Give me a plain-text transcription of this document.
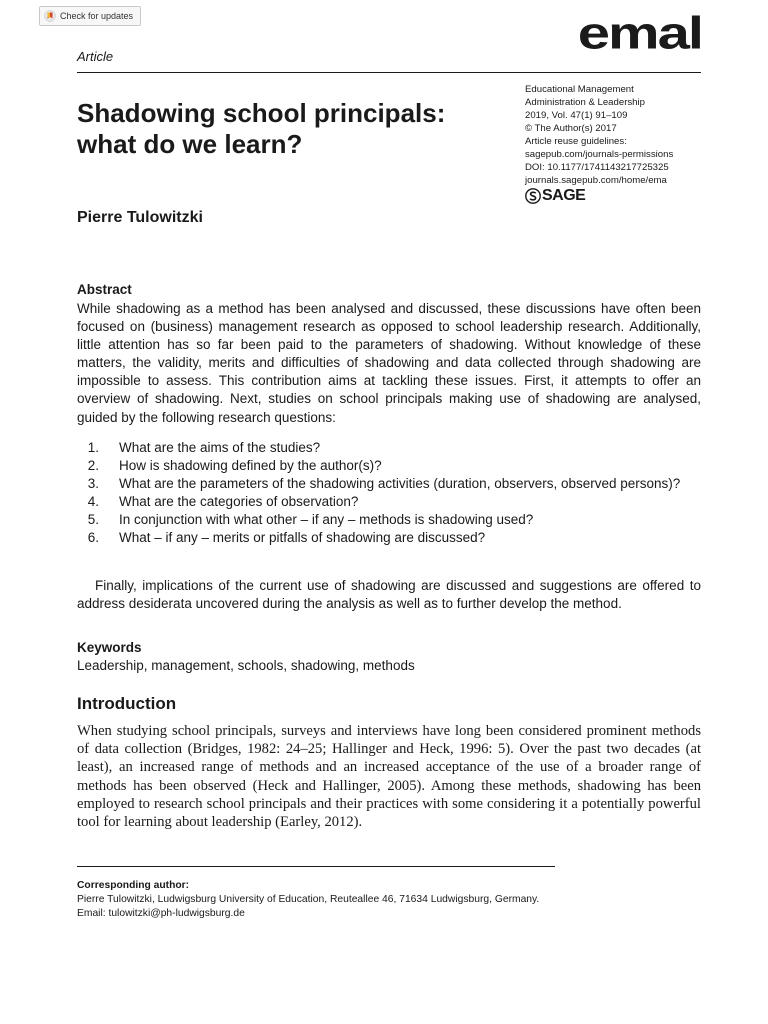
Check for updates
Article	emal
Educational Management
Administration & Leadership
2019, Vol. 47(1) 91–109
© The Author(s) 2017
Article reuse guidelines:
sagepub.com/journals-permissions
DOI: 10.1177/1741143217725325
journals.sagepub.com/home/ema
SAGE
Shadowing school principals: what do we learn?
Pierre Tulowitzki
Abstract
While shadowing as a method has been analysed and discussed, these discussions have often been focused on (business) management research as opposed to school leadership research. Additionally, little attention has so far been paid to the parameters of shadowing. Without knowledge of these matters, the validity, merits and difficulties of shadowing and data collected through shadowing are impossible to assess. This contribution aims at tackling these issues. First, it attempts to offer an overview of shadowing. Next, studies on school principals making use of shadowing are analysed, guided by the following research questions:
1.	What are the aims of the studies?
2.	How is shadowing defined by the author(s)?
3.	What are the parameters of the shadowing activities (duration, observers, observed persons)?
4.	What are the categories of observation?
5.	In conjunction with what other – if any – methods is shadowing used?
6.	What – if any – merits or pitfalls of shadowing are discussed?
Finally, implications of the current use of shadowing are discussed and suggestions are offered to address desiderata uncovered during the analysis as well as to further develop the method.
Keywords
Leadership, management, schools, shadowing, methods
Introduction
When studying school principals, surveys and interviews have long been considered prominent methods of data collection (Bridges, 1982: 24–25; Hallinger and Heck, 1996: 5). Over the past two decades (at least), an increased range of methods and an increased acceptance of the use of a broader range of methods has been observed (Heck and Hallinger, 2005). Among these methods, shadowing has been employed to research school principals and their practices with some considering it a potentially powerful tool for learning about leadership (Earley, 2012).
Corresponding author:
Pierre Tulowitzki, Ludwigsburg University of Education, Reuteallee 46, 71634 Ludwigsburg, Germany.
Email: tulowitzki@ph-ludwigsburg.de
